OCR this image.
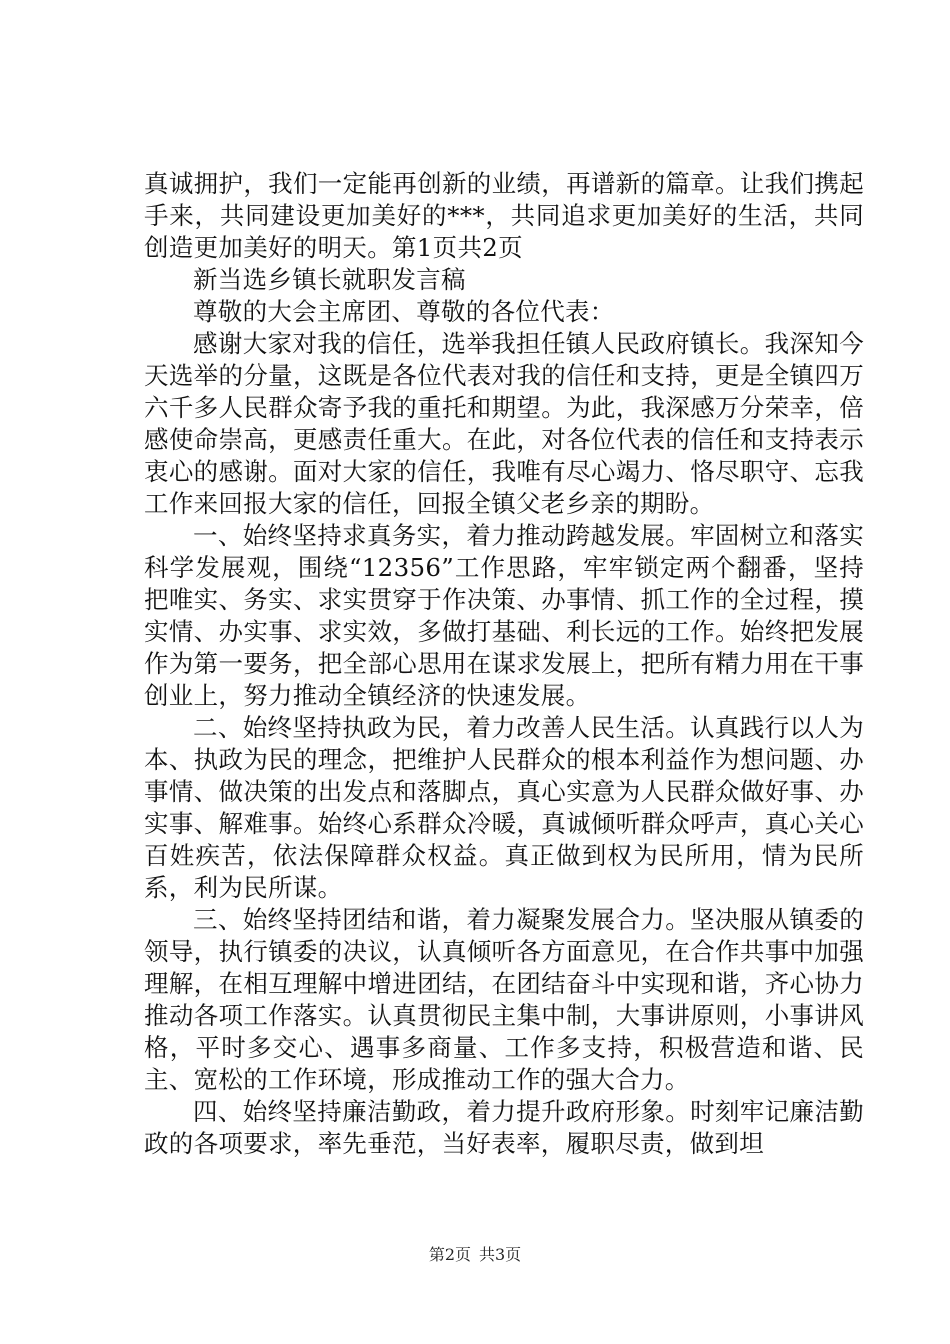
真诚拥护，我们一定能再创新的业绩，再谱新的篇章。让我们携起手来，共同建设更加美好的***，共同追求更加美好的生活，共同创造更加美好的明天。第1页共2页

新当选乡镇长就职发言稿

尊敬的大会主席团、尊敬的各位代表：

感谢大家对我的信任，选举我担任镇人民政府镇长。我深知今天选举的分量，这既是各位代表对我的信任和支持，更是全镇四万六千多人民群众寄予我的重托和期望。为此，我深感万分荣幸，倍感使命崇高，更感责任重大。在此，对各位代表的信任和支持表示衷心的感谢。面对大家的信任，我唯有尽心竭力、恪尽职守、忘我工作来回报大家的信任，回报全镇父老乡亲的期盼。

一、始终坚持求真务实，着力推动跨越发展。牢固树立和落实科学发展观，围绕“12356”工作思路，牢牢锁定两个翻番，坚持把唯实、务实、求实贯穿于作决策、办事情、抓工作的全过程，摸实情、办实事、求实效，多做打基础、利长远的工作。始终把发展作为第一要务，把全部心思用在谋求发展上，把所有精力用在干事创业上，努力推动全镇经济的快速发展。

二、始终坚持执政为民，着力改善人民生活。认真践行以人为本、执政为民的理念，把维护人民群众的根本利益作为想问题、办事情、做决策的出发点和落脚点，真心实意为人民群众做好事、办实事、解难事。始终心系群众冷暖，真诚倾听群众呼声，真心关心百姓疾苦，依法保障群众权益。真正做到权为民所用，情为民所系，利为民所谋。

三、始终坚持团结和谐，着力凝聚发展合力。坚决服从镇委的领导，执行镇委的决议，认真倾听各方面意见，在合作共事中加强理解，在相互理解中增进团结，在团结奋斗中实现和谐，齐心协力推动各项工作落实。认真贯彻民主集中制，大事讲原则，小事讲风格，平时多交心、遇事多商量、工作多支持，积极营造和谐、民主、宽松的工作环境，形成推动工作的强大合力。

四、始终坚持廉洁勤政，着力提升政府形象。时刻牢记廉洁勤政的各项要求，率先垂范，当好表率，履职尽责，做到坦

第2页 共3页
